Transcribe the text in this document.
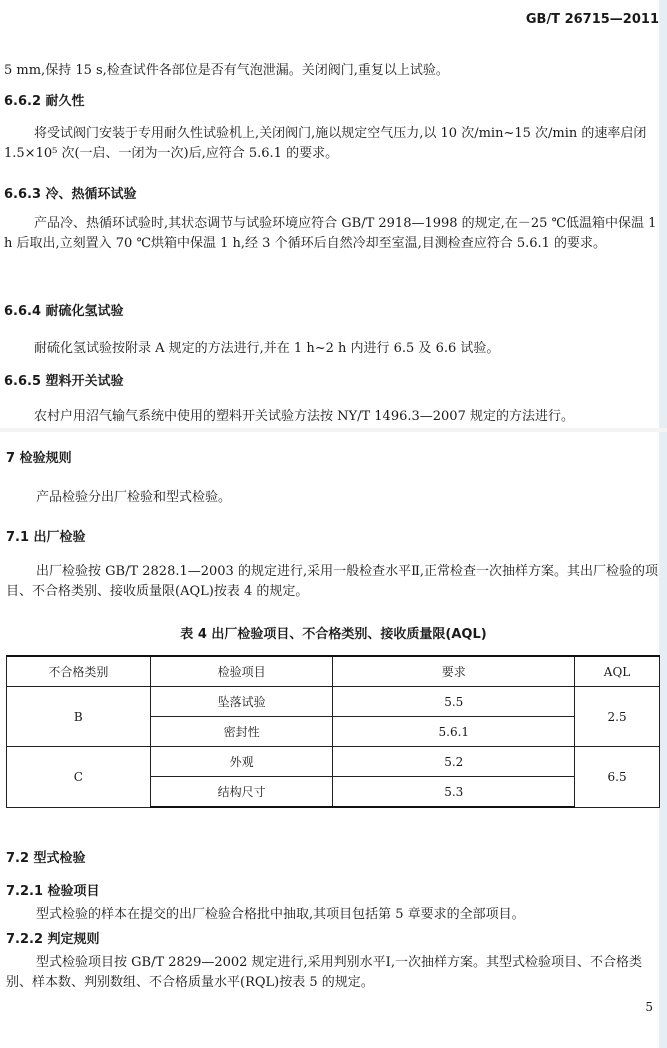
GB/T 26715—2011
5 mm,保持 15 s,检查试件各部位是否有气泡泄漏。关闭阀门,重复以上试验。
6.6.2 耐久性
将受试阀门安装于专用耐久性试验机上,关闭阀门,施以规定空气压力,以 10 次/min~15 次/min 的速率启闭 1.5×10⁵ 次(一启、一闭为一次)后,应符合 5.6.1 的要求。
6.6.3 冷、热循环试验
产品冷、热循环试验时,其状态调节与试验环境应符合 GB/T 2918—1998 的规定,在－25 ℃低温箱中保温 1 h 后取出,立刻置入 70 ℃烘箱中保温 1 h,经 3 个循环后自然冷却至室温,目测检查应符合 5.6.1 的要求。
6.6.4 耐硫化氢试验
耐硫化氢试验按附录 A 规定的方法进行,并在 1 h~2 h 内进行 6.5 及 6.6 试验。
6.6.5 塑料开关试验
农村户用沼气输气系统中使用的塑料开关试验方法按 NY/T 1496.3—2007 规定的方法进行。
7 检验规则
产品检验分出厂检验和型式检验。
7.1 出厂检验
出厂检验按 GB/T 2828.1—2003 的规定进行,采用一般检查水平Ⅱ,正常检查一次抽样方案。其出厂检验的项目、不合格类别、接收质量限(AQL)按表 4 的规定。
表 4 出厂检验项目、不合格类别、接收质量限(AQL)
不合格类别	检验项目	要求	AQL
B	坠落试验	5.5	2.5
	密封性	5.6.1	
C	外观	5.2	6.5
	结构尺寸	5.3	
7.2 型式检验
7.2.1 检验项目
型式检验的样本在提交的出厂检验合格批中抽取,其项目包括第 5 章要求的全部项目。
7.2.2 判定规则
型式检验项目按 GB/T 2829—2002 规定进行,采用判别水平Ⅰ,一次抽样方案。其型式检验项目、不合格类别、样本数、判别数组、不合格质量水平(RQL)按表 5 的规定。
5
